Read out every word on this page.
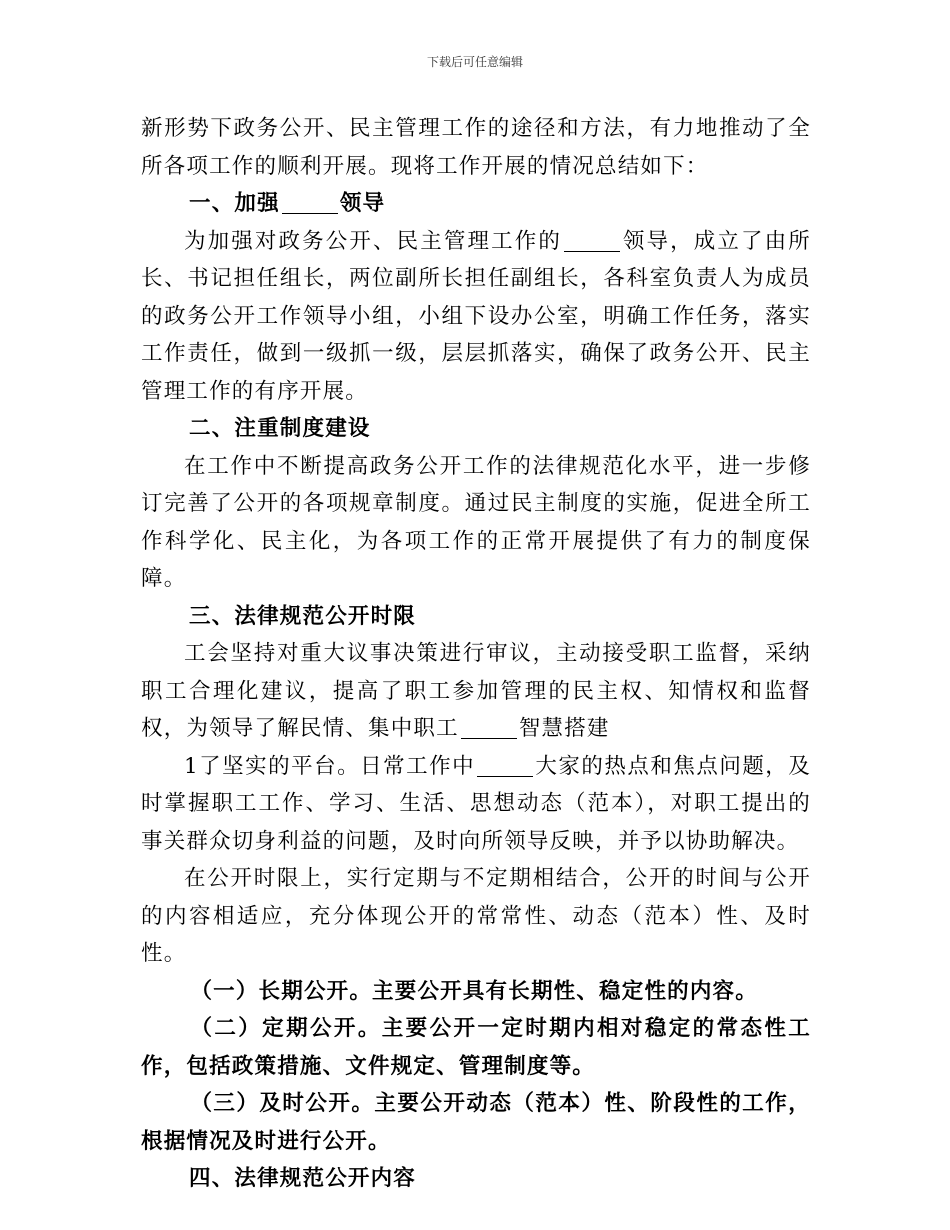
下载后可任意编辑

新形势下政务公开、民主管理工作的途径和方法，有力地推动了全所各项工作的顺利开展。现将工作开展的情况总结如下：

一、加强	领导

为加强对政务公开、民主管理工作的	领导，成立了由所长、书记担任组长，两位副所长担任副组长，各科室负责人为成员的政务公开工作领导小组，小组下设办公室，明确工作任务，落实工作责任，做到一级抓一级，层层抓落实，确保了政务公开、民主管理工作的有序开展。

二、注重制度建设

在工作中不断提高政务公开工作的法律规范化水平，进一步修订完善了公开的各项规章制度。通过民主制度的实施，促进全所工作科学化、民主化，为各项工作的正常开展提供了有力的制度保障。

三、法律规范公开时限

工会坚持对重大议事决策进行审议，主动接受职工监督，采纳职工合理化建议，提高了职工参加管理的民主权、知情权和监督权，为领导了解民情、集中职工	智慧搭建

1了坚实的平台。日常工作中	大家的热点和焦点问题，及时掌握职工工作、学习、生活、思想动态（范本），对职工提出的事关群众切身利益的问题，及时向所领导反映，并予以协助解决。

在公开时限上，实行定期与不定期相结合，公开的时间与公开的内容相适应，充分体现公开的常常性、动态（范本）性、及时性。

（一）长期公开。主要公开具有长期性、稳定性的内容。

（二）定期公开。主要公开一定时期内相对稳定的常态性工作，包括政策措施、文件规定、管理制度等。

（三）及时公开。主要公开动态（范本）性、阶段性的工作，根据情况及时进行公开。

四、法律规范公开内容
